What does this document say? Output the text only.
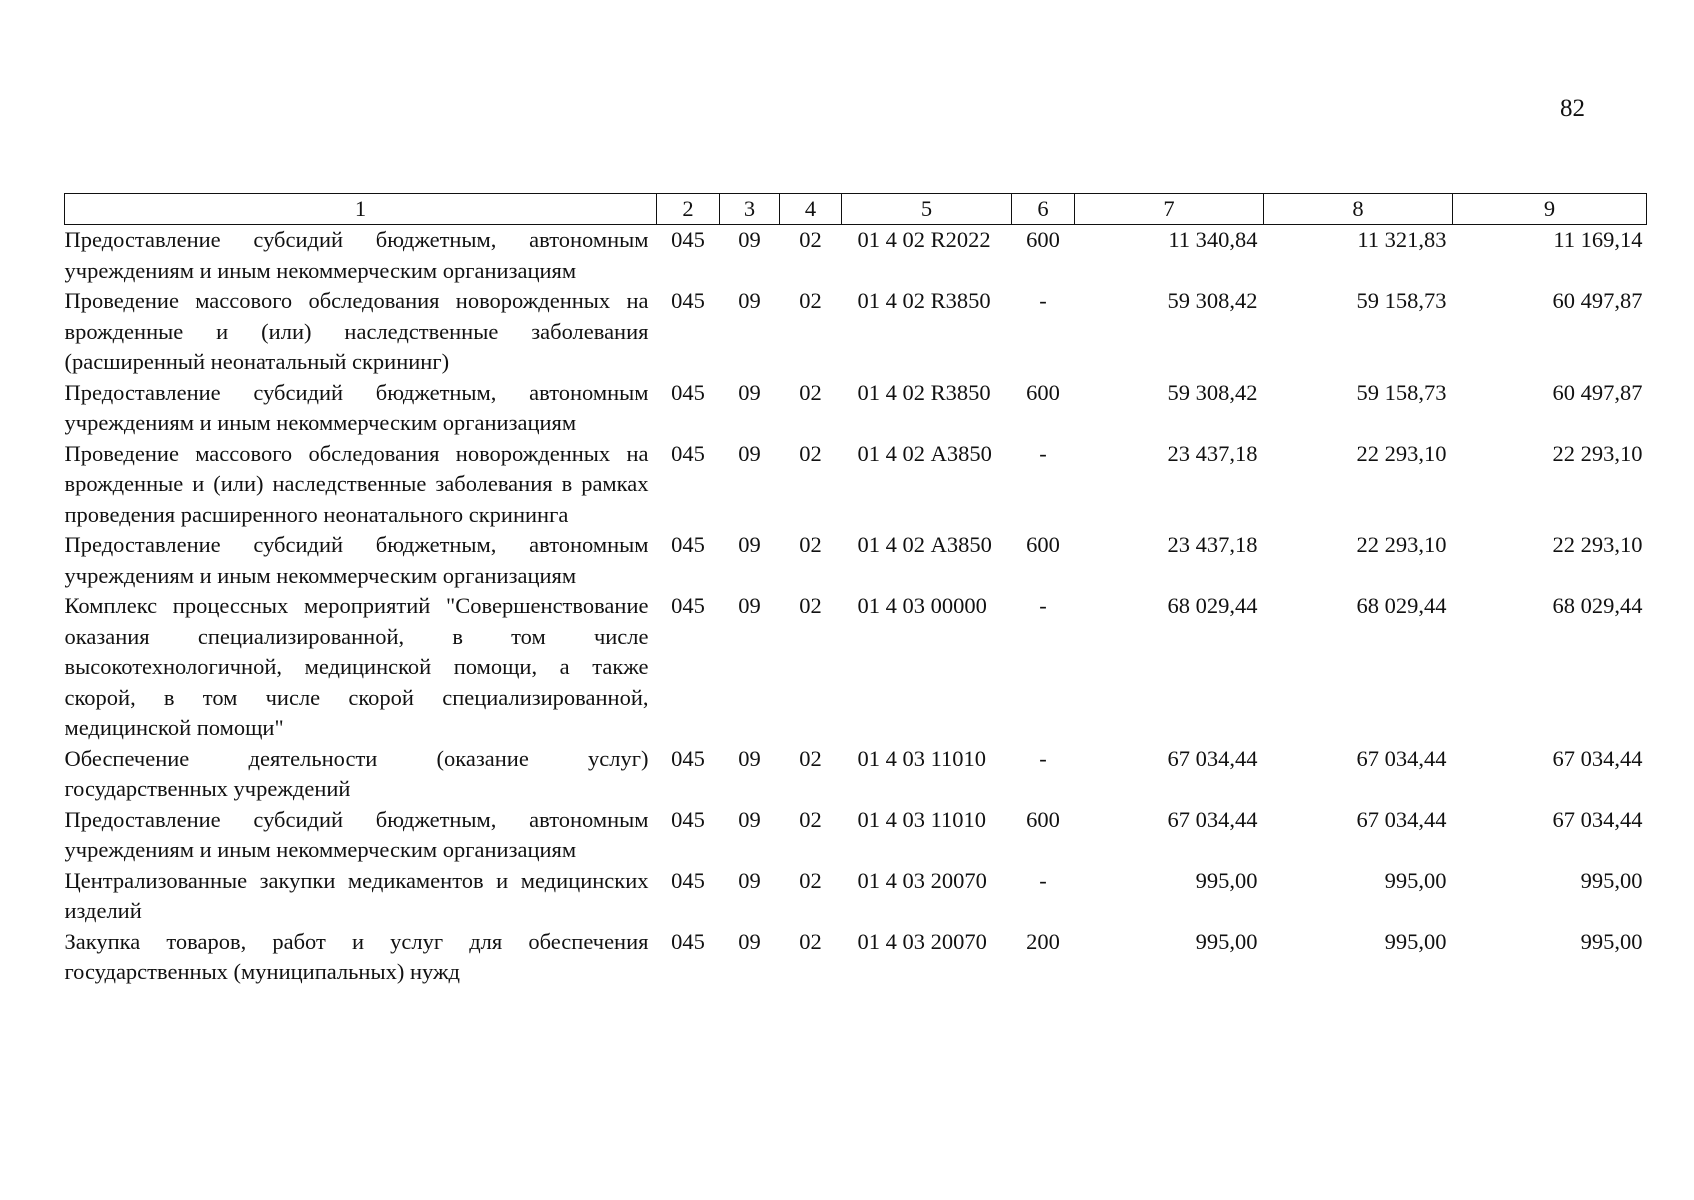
82
1	2	3	4	5	6	7	8	9
Предоставление субсидий бюджетным, автономным учреждениям и иным некоммерческим организациям	045	09	02	01 4 02 R2022	600	11 340,84	11 321,83	11 169,14
Проведение массового обследования новорожденных на врожденные и (или) наследственные заболевания (расширенный неонатальный скрининг)	045	09	02	01 4 02 R3850	-	59 308,42	59 158,73	60 497,87
Предоставление субсидий бюджетным, автономным учреждениям и иным некоммерческим организациям	045	09	02	01 4 02 R3850	600	59 308,42	59 158,73	60 497,87
Проведение массового обследования новорожденных на врожденные и (или) наследственные заболевания в рамках проведения расширенного неонатального скрининга	045	09	02	01 4 02 А3850	-	23 437,18	22 293,10	22 293,10
Предоставление субсидий бюджетным, автономным учреждениям и иным некоммерческим организациям	045	09	02	01 4 02 А3850	600	23 437,18	22 293,10	22 293,10
Комплекс процессных мероприятий "Совершенствование оказания специализированной, в том числе высокотехнологичной, медицинской помощи, а также скорой, в том числе скорой специализированной, медицинской помощи"	045	09	02	01 4 03 00000	-	68 029,44	68 029,44	68 029,44
Обеспечение деятельности (оказание услуг) государственных учреждений	045	09	02	01 4 03 11010	-	67 034,44	67 034,44	67 034,44
Предоставление субсидий бюджетным, автономным учреждениям и иным некоммерческим организациям	045	09	02	01 4 03 11010	600	67 034,44	67 034,44	67 034,44
Централизованные закупки медикаментов и медицинских изделий	045	09	02	01 4 03 20070	-	995,00	995,00	995,00
Закупка товаров, работ и услуг для обеспечения государственных (муниципальных) нужд	045	09	02	01 4 03 20070	200	995,00	995,00	995,00
